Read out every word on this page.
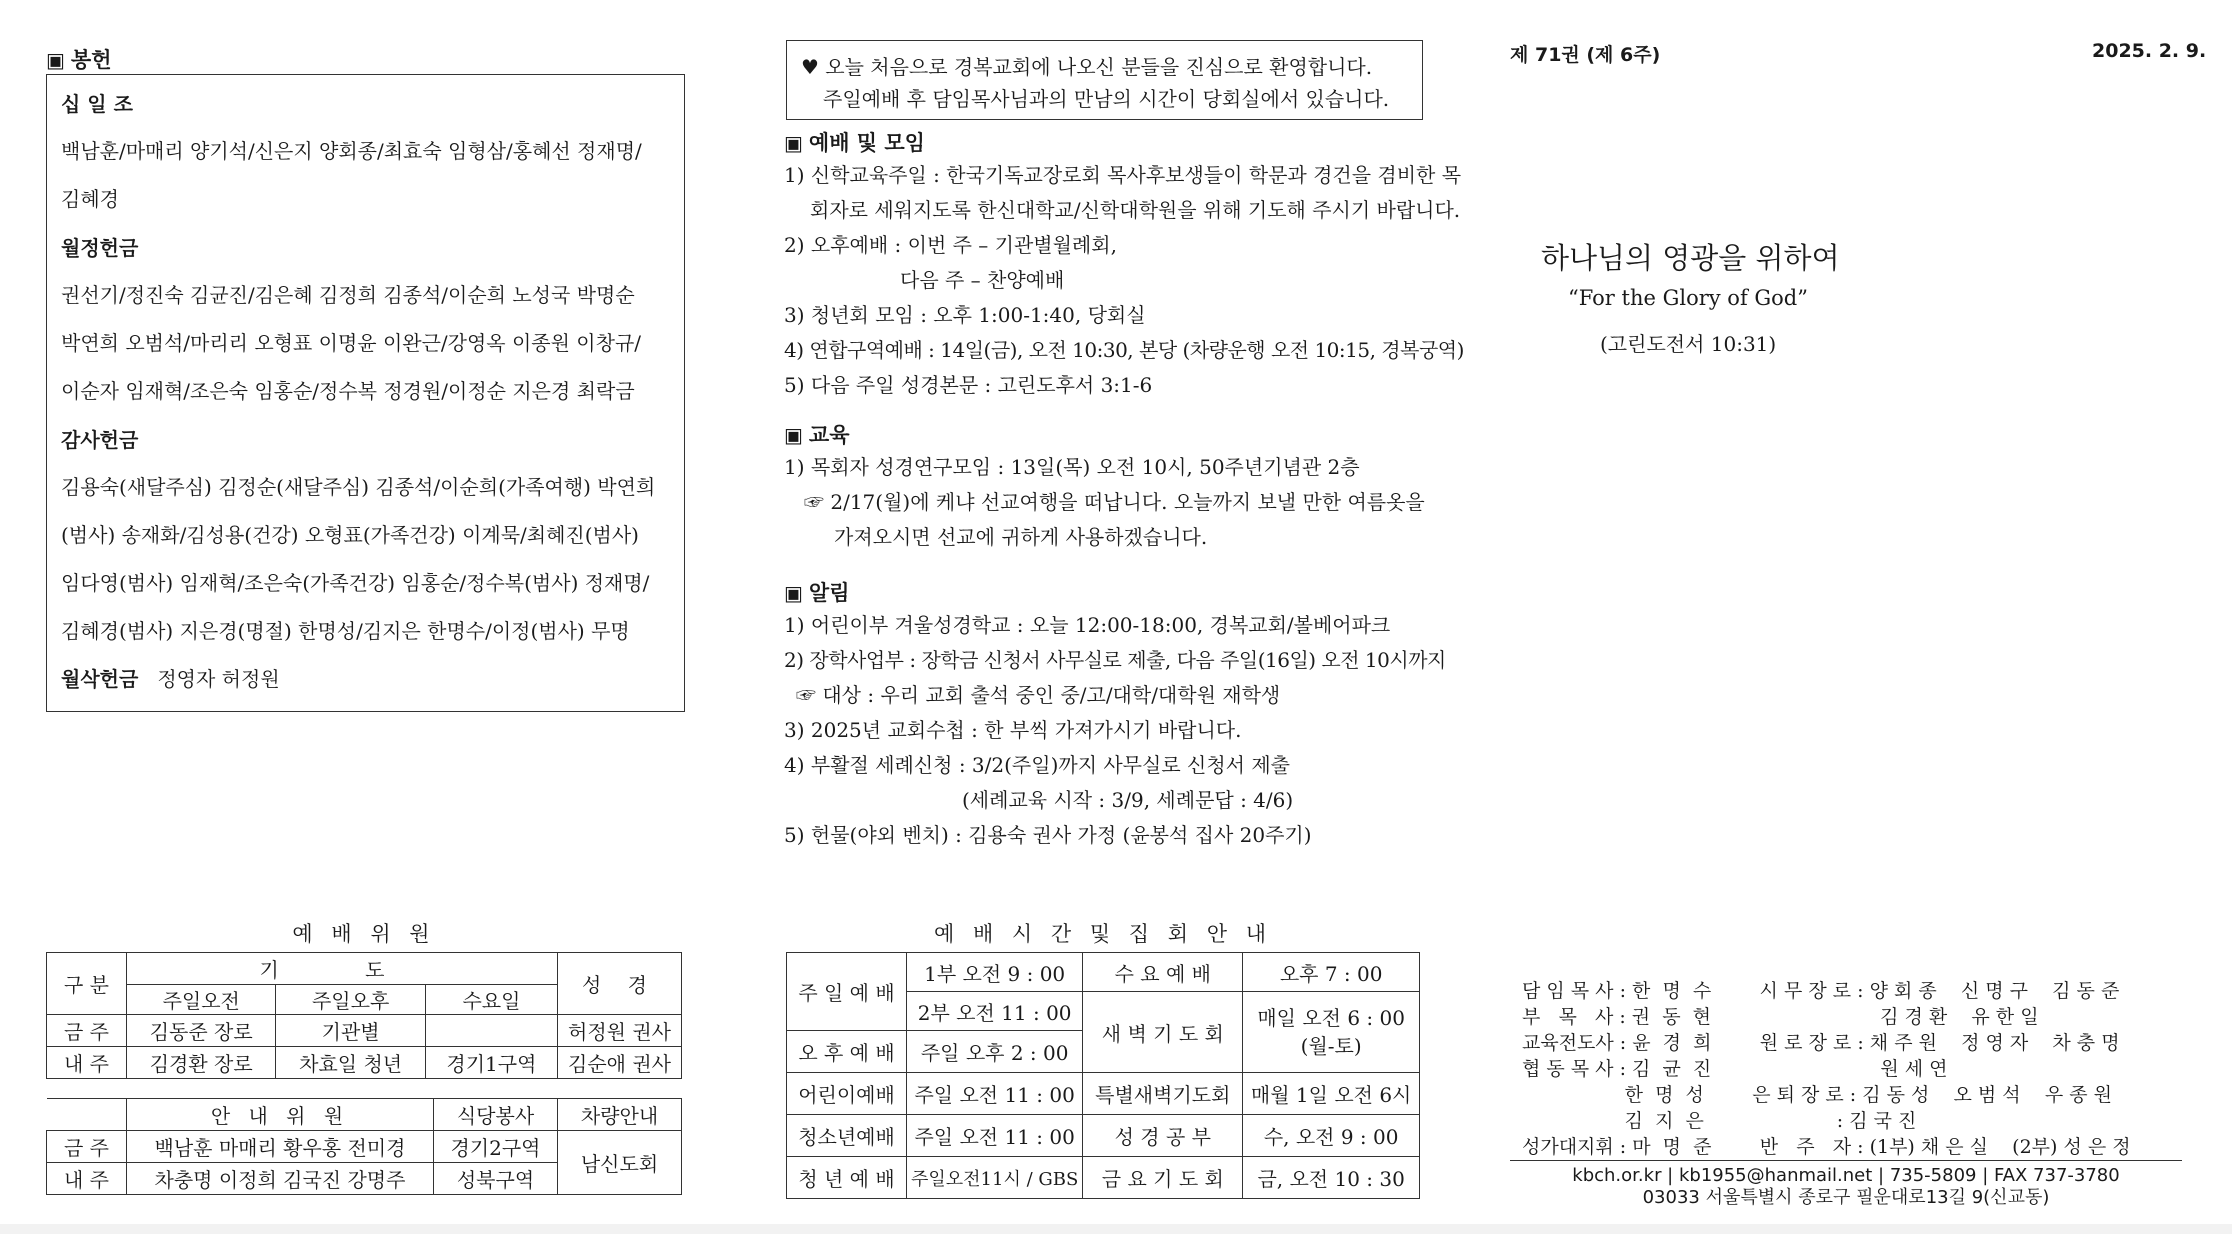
▣ 봉헌
십 일 조
백남훈/마매리 양기석/신은지 양회종/최효숙 임형삼/홍혜선 정재명/
김혜경
월정헌금
권선기/정진숙 김균진/김은혜 김정희 김종석/이순희 노성국 박명순
박연희 오범석/마리리 오형표 이명윤 이완근/강영옥 이종원 이창규/
이순자 임재혁/조은숙 임홍순/정수복 정경원/이정순 지은경 최락금
감사헌금
김용숙(새달주심) 김정순(새달주심) 김종석/이순희(가족여행) 박연희
(범사) 송재화/김성용(건강) 오형표(가족건강) 이계묵/최혜진(범사)
임다영(범사) 임재혁/조은숙(가족건강) 임홍순/정수복(범사) 정재명/
김혜경(범사) 지은경(명절) 한명성/김지은 한명수/이정(범사) 무명
월삭헌금 정영자 허정원
예 배 위 원
구 분	기 도			성 경
	주일오전	주일오후	수요일	
금 주	김동준 장로	기관별		허정원 권사
내 주	김경환 장로	차효일 청년	경기1구역	김순애 권사
	안 내 위 원	식당봉사	차량안내
금 주	백남훈 마매리 황우홍 전미경	경기2구역	남신도회
내 주	차충명 이정희 김국진 강명주	성북구역	
♥ 오늘 처음으로 경복교회에 나오신 분들을 진심으로 환영합니다.
주일예배 후 담임목사님과의 만남의 시간이 당회실에서 있습니다.
▣ 예배 및 모임
1) 신학교육주일 : 한국기독교장로회 목사후보생들이 학문과 경건을 겸비한 목
회자로 세워지도록 한신대학교/신학대학원을 위해 기도해 주시기 바랍니다.
2) 오후예배 : 이번 주 – 기관별월례회,
다음 주 – 찬양예배
3) 청년회 모임 : 오후 1:00-1:40, 당회실
4) 연합구역예배 : 14일(금), 오전 10:30, 본당 (차량운행 오전 10:15, 경복궁역)
5) 다음 주일 성경본문 : 고린도후서 3:1-6
▣ 교육
1) 목회자 성경연구모임 : 13일(목) 오전 10시, 50주년기념관 2층
☞ 2/17(월)에 케냐 선교여행을 떠납니다. 오늘까지 보낼 만한 여름옷을
가져오시면 선교에 귀하게 사용하겠습니다.
▣ 알림
1) 어린이부 겨울성경학교 : 오늘 12:00-18:00, 경복교회/볼베어파크
2) 장학사업부 : 장학금 신청서 사무실로 제출, 다음 주일(16일) 오전 10시까지
☞ 대상 : 우리 교회 출석 중인 중/고/대학/대학원 재학생
3) 2025년 교회수첩 : 한 부씩 가져가시기 바랍니다.
4) 부활절 세례신청 : 3/2(주일)까지 사무실로 신청서 제출
(세례교육 시작 : 3/9, 세례문답 : 4/6)
5) 헌물(야외 벤치) : 김용숙 권사 가정 (윤봉석 집사 20주기)
예 배 시 간 및 집 회 안 내
주 일 예 배	1부 오전 9 : 00	수 요 예 배	오후 7 : 00
	2부 오전 11 : 00	새 벽 기 도 회	매일 오전 6 : 00
(월-토)
오 후 예 배	주일 오후 2 : 00		
어린이예배	주일 오전 11 : 00	특별새벽기도회	매월 1일 오전 6시
청소년예배	주일 오전 11 : 00	성 경 공 부	수, 오전 9 : 00
청 년 예 배	주일오전11시 / GBS	금 요 기 도 회	금, 오전 10 : 30
제 71권 (제 6주)	2025. 2. 9.
하나님의 영광을 위하여
“For the Glory of God”
(고린도전서 10:31)
담 임 목 사 : 한  명  수        시 무 장 로 : 양 회 종    신 명 구    김 동 준
부   목   사 : 권  동  현                            김 경 환    유 한 일
교육전도사 : 윤  경  희        원 로 장 로 : 채 주 원    정 영 자    차 충 명
협 동 목 사 : 김  균  진                            원 세 연
한  명  성        은 퇴 장 로 : 김 동 성    오 범 석    우 종 원
김  지  은                      : 김 국 진
성가대지휘 : 마  명  준        반   주   자 : (1부) 채 은 실    (2부) 성 은 정
kbch.or.kr | kb1955@hanmail.net | 735-5809 | FAX 737-3780
03033 서울특별시 종로구 필운대로13길 9(신교동)
